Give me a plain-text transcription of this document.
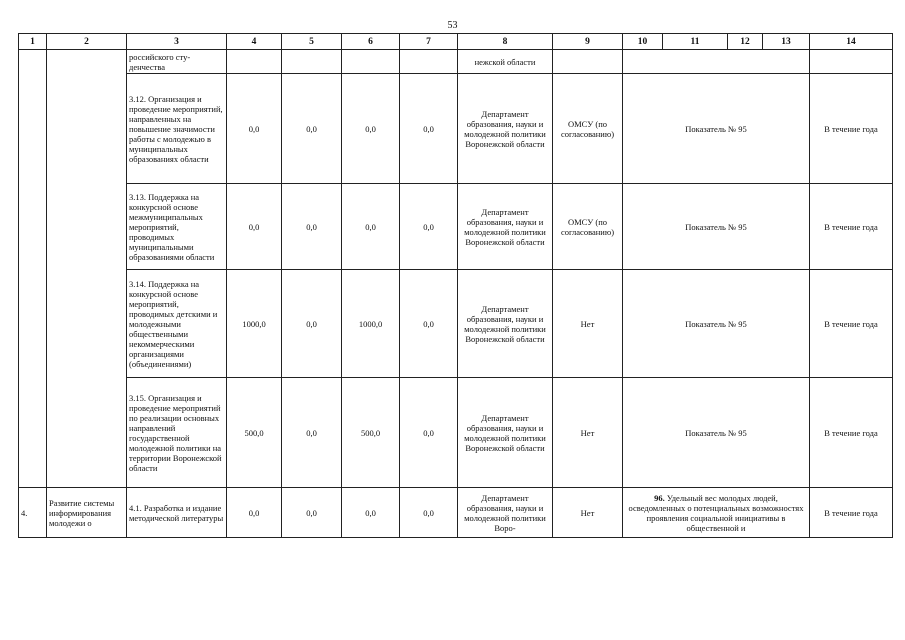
53
1	2	3	4	5	6	7	8	9	10	11	12	13	14
		российского сту-денчества					нежской области						
		3.12. Организация и проведение мероприятий, направленных на повышение значимости работы с молодежью в муниципальных образованиях области	0,0	0,0	0,0	0,0	Департамент образования, науки и молодежной политики Воронежской области	ОМСУ (по согласованию)	Показатель № 95				В течение года
		3.13. Поддержка на конкурсной основе межмуниципальных мероприятий, проводимых муниципальными образованиями области	0,0	0,0	0,0	0,0	Департамент образования, науки и молодежной политики Воронежской области	ОМСУ (по согласованию)	Показатель № 95				В течение года
		3.14. Поддержка на конкурсной основе мероприятий, проводимых детскими и молодежными общественными некоммерческими организациями (объединениями)	1000,0	0,0	1000,0	0,0	Департамент образования, науки и молодежной политики Воронежской области	Нет	Показатель № 95				В течение года
		3.15. Организация и проведение мероприятий по реализации основных направлений государственной молодежной политики на территории Воронежской области	500,0	0,0	500,0	0,0	Департамент образования, науки и молодежной политики Воронежской области	Нет	Показатель № 95				В течение года
4.	Развитие системы информирования молодежи о	4.1. Разработка и издание методической литературы	0,0	0,0	0,0	0,0	Департамент образования, науки и молодежной политики Воро-	Нет	96. Удельный вес молодых людей, осведомленных о потенциальных возможностях проявления социальной инициативы в общественной и				В течение года
